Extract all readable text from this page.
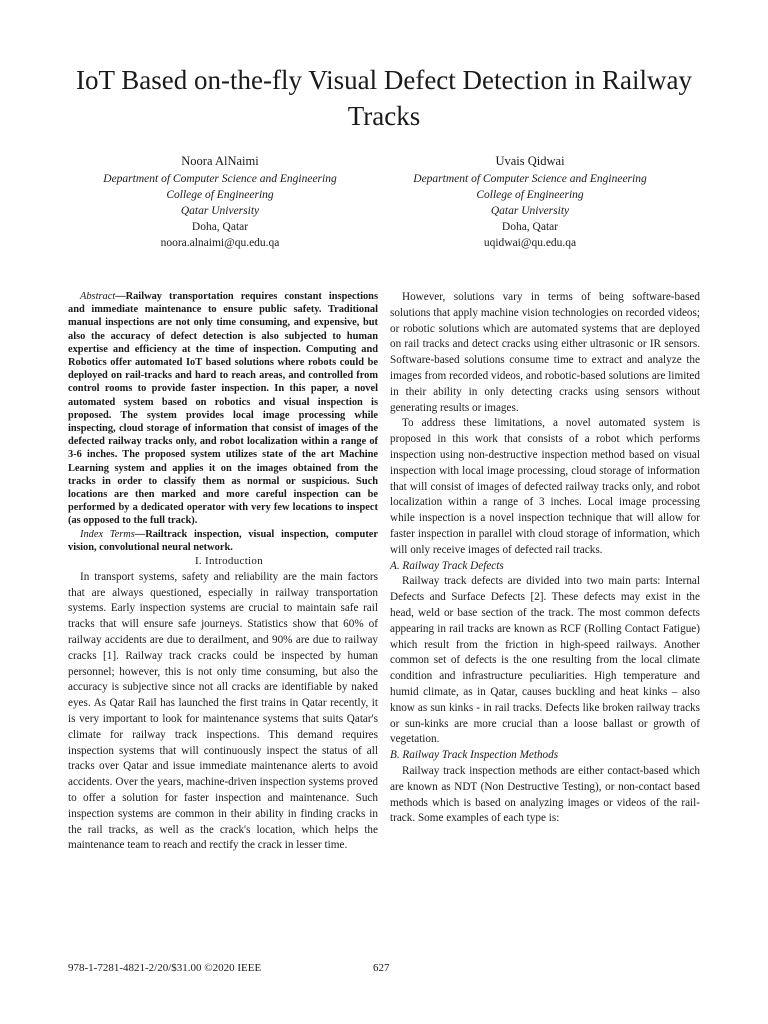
IoT Based on-the-fly Visual Defect Detection in Railway Tracks
Noora AlNaimi
Department of Computer Science and Engineering
College of Engineering
Qatar University
Doha, Qatar
noora.alnaimi@qu.edu.qa
Uvais Qidwai
Department of Computer Science and Engineering
College of Engineering
Qatar University
Doha, Qatar
uqidwai@qu.edu.qa

Abstract—Railway transportation requires constant inspections and immediate maintenance to ensure public safety. Traditional manual inspections are not only time consuming, and expensive, but also the accuracy of defect detection is also subjected to human expertise and efficiency at the time of inspection. Computing and Robotics offer automated IoT based solutions where robots could be deployed on rail-tracks and hard to reach areas, and controlled from control rooms to provide faster inspection. In this paper, a novel automated system based on robotics and visual inspection is proposed. The system provides local image processing while inspecting, cloud storage of information that consist of images of the defected railway tracks only, and robot localization within a range of 3-6 inches. The proposed system utilizes state of the art Machine Learning system and applies it on the images obtained from the tracks in order to classify them as normal or suspicious. Such locations are then marked and more careful inspection can be performed by a dedicated operator with very few locations to inspect (as opposed to the full track).

Index Terms—Railtrack inspection, visual inspection, computer vision, convolutional neural network.

I. Introduction

In transport systems, safety and reliability are the main factors that are always questioned, especially in railway transportation systems. Early inspection systems are crucial to maintain safe rail tracks that will ensure safe journeys. Statistics show that 60% of railway accidents are due to derailment, and 90% are due to railway cracks [1]. Railway track cracks could be inspected by human personnel; however, this is not only time consuming, but also the accuracy is subjective since not all cracks are identifiable by naked eyes. As Qatar Rail has launched the first trains in Qatar recently, it is very important to look for maintenance systems that suits Qatar's climate for railway track inspections. This demand requires inspection systems that will continuously inspect the status of all tracks over Qatar and issue immediate maintenance alerts to avoid accidents. Over the years, machine-driven inspection systems proved to offer a solution for faster inspection and maintenance. Such inspection systems are common in their ability in finding cracks in the rail tracks, as well as the crack's location, which helps the maintenance team to reach and rectify the crack in lesser time.

However, solutions vary in terms of being software-based solutions that apply machine vision technologies on recorded videos; or robotic solutions which are automated systems that are deployed on rail tracks and detect cracks using either ultrasonic or IR sensors. Software-based solutions consume time to extract and analyze the images from recorded videos, and robotic-based solutions are limited in their ability in only detecting cracks using sensors without generating results or images.

To address these limitations, a novel automated system is proposed in this work that consists of a robot which performs inspection using non-destructive inspection method based on visual inspection with local image processing, cloud storage of information that will consist of images of defected railway tracks only, and robot localization within a range of 3 inches. Local image processing while inspection is a novel inspection technique that will allow for faster inspection in parallel with cloud storage of information, which will only receive images of defected rail tracks.

A. Railway Track Defects

Railway track defects are divided into two main parts: Internal Defects and Surface Defects [2]. These defects may exist in the head, weld or base section of the track. The most common defects appearing in rail tracks are known as RCF (Rolling Contact Fatigue) which result from the friction in high-speed railways. Another common set of defects is the one resulting from the local climate condition and infrastructure peculiarities. High temperature and humid climate, as in Qatar, causes buckling and heat kinks – also know as sun kinks - in rail tracks. Defects like broken railway tracks or sun-kinks are more crucial than a loose ballast or growth of vegetation.

B. Railway Track Inspection Methods

Railway track inspection methods are either contact-based which are known as NDT (Non Destructive Testing), or non-contact based methods which is based on analyzing images or videos of the rail-track. Some examples of each type is:

978-1-7281-4821-2/20/$31.00 ©2020 IEEE	627
